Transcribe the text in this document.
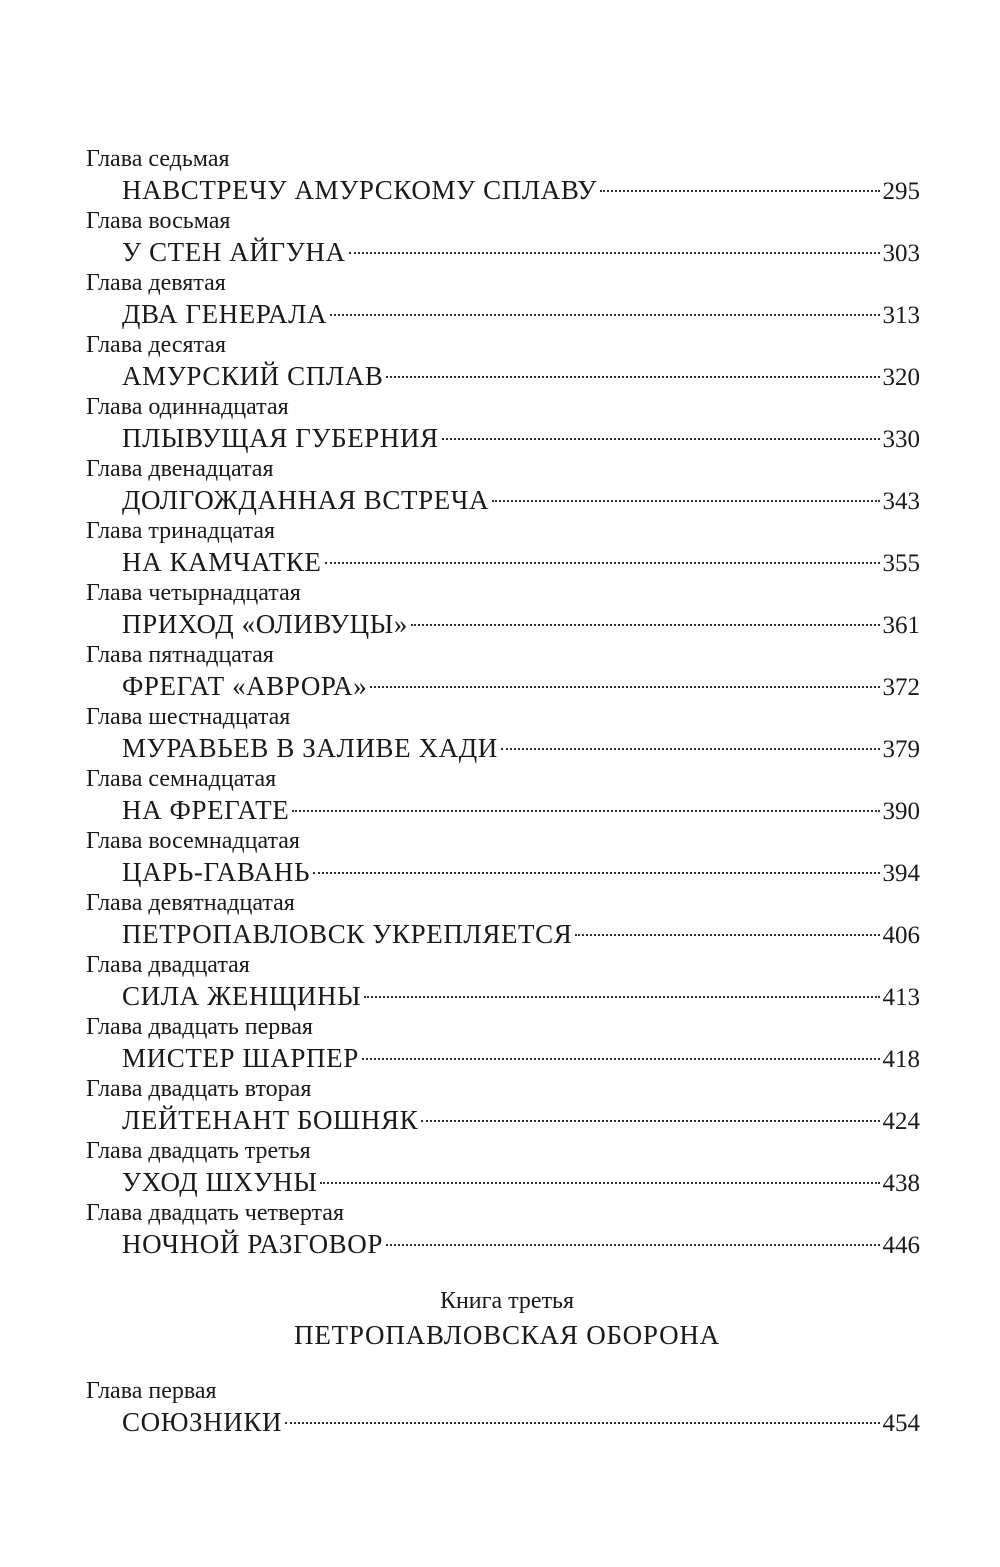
Глава седьмая
НАВСТРЕЧУ АМУРСКОМУ СПЛАВУ	295
Глава восьмая
У СТЕН АЙГУНА	303
Глава девятая
ДВА ГЕНЕРАЛА	313
Глава десятая
АМУРСКИЙ СПЛАВ	320
Глава одиннадцатая
ПЛЫВУЩАЯ ГУБЕРНИЯ	330
Глава двенадцатая
ДОЛГОЖДАННАЯ ВСТРЕЧА	343
Глава тринадцатая
НА КАМЧАТКЕ	355
Глава четырнадцатая
ПРИХОД «ОЛИВУЦЫ»	361
Глава пятнадцатая
ФРЕГАТ «АВРОРА»	372
Глава шестнадцатая
МУРАВЬЕВ В ЗАЛИВЕ ХАДИ	379
Глава семнадцатая
НА ФРЕГАТЕ	390
Глава восемнадцатая
ЦАРЬ-ГАВАНЬ	394
Глава девятнадцатая
ПЕТРОПАВЛОВСК УКРЕПЛЯЕТСЯ	406
Глава двадцатая
СИЛА ЖЕНЩИНЫ	413
Глава двадцать первая
МИСТЕР ШАРПЕР	418
Глава двадцать вторая
ЛЕЙТЕНАНТ БОШНЯК	424
Глава двадцать третья
УХОД ШХУНЫ	438
Глава двадцать четвертая
НОЧНОЙ РАЗГОВОР	446
Книга третья
ПЕТРОПАВЛОВСКАЯ ОБОРОНА
Глава первая
СОЮЗНИКИ	454
